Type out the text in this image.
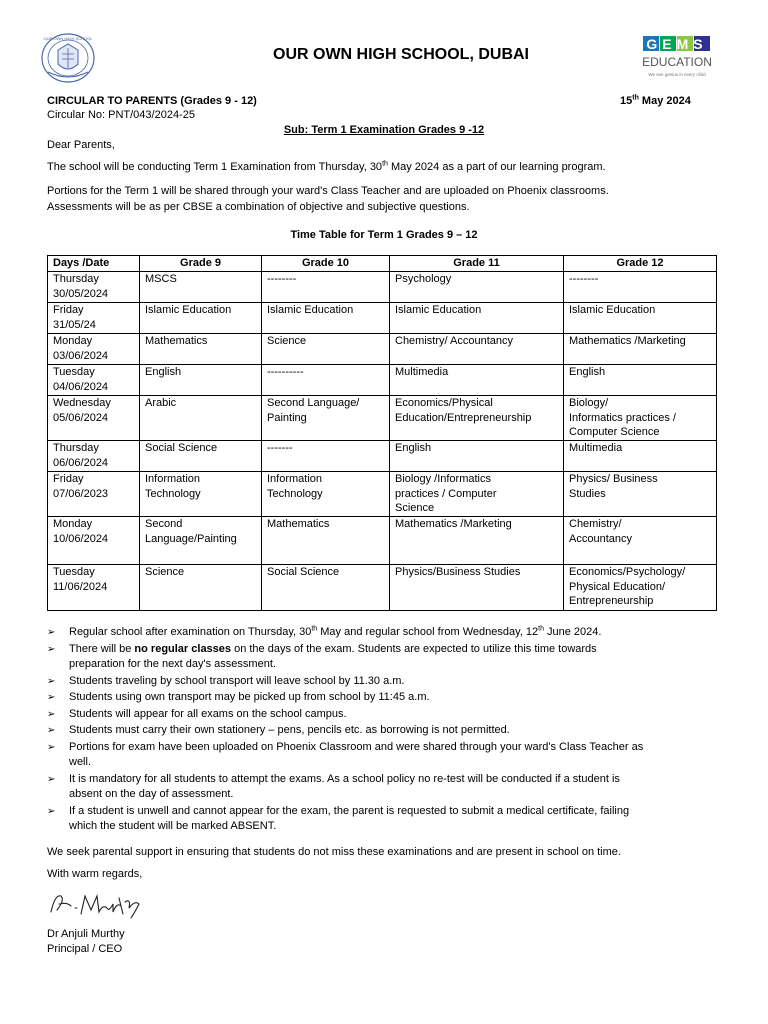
OUR OWN HIGH SCHOOL
OUR OWN HIGH SCHOOL, DUBAI
GEMS
EDUCATION
We see genius in every child
CIRCULAR TO PARENTS (Grades 9 - 12)	15th May 2024
Circular No: PNT/043/2024-25
Sub: Term 1 Examination Grades 9 -12
Dear Parents,
The school will be conducting Term 1 Examination from Thursday, 30th May 2024 as a part of our learning program.
Portions for the Term 1 will be shared through your ward's Class Teacher and are uploaded on Phoenix classrooms.
Assessments will be as per CBSE a combination of objective and subjective questions.
Time Table for Term 1 Grades 9 – 12
Days /Date	Grade 9	Grade 10	Grade 11	Grade 12
Thursday
30/05/2024	MSCS	--------	Psychology	--------
Friday
31/05/24	Islamic Education	Islamic Education	Islamic Education	Islamic Education
Monday
03/06/2024	Mathematics	Science	Chemistry/ Accountancy	Mathematics /Marketing
Tuesday
04/06/2024	English	----------	Multimedia	English
Wednesday
05/06/2024	Arabic	Second Language/
Painting	Economics/Physical
Education/Entrepreneurship	Biology/
Informatics practices /
Computer Science
Thursday
06/06/2024	Social Science	-------	English	Multimedia
Friday
07/06/2023	Information
Technology	Information
Technology	Biology /Informatics
practices / Computer
Science	Physics/ Business
Studies
Monday
10/06/2024	Second
Language/Painting	Mathematics	Mathematics /Marketing	Chemistry/
Accountancy
Tuesday
11/06/2024	Science	Social Science	Physics/Business Studies	Economics/Psychology/
Physical Education/
Entrepreneurship
➢ Regular school after examination on Thursday, 30th May and regular school from Wednesday, 12th June 2024.
➢ There will be no regular classes on the days of the exam. Students are expected to utilize this time towards
preparation for the next day's assessment.
➢ Students traveling by school transport will leave school by 11.30 a.m.
➢ Students using own transport may be picked up from school by 11:45 a.m.
➢ Students will appear for all exams on the school campus.
➢ Students must carry their own stationery – pens, pencils etc. as borrowing is not permitted.
➢ Portions for exam have been uploaded on Phoenix Classroom and were shared through your ward's Class Teacher as
well.
➢ It is mandatory for all students to attempt the exams. As a school policy no re-test will be conducted if a student is
absent on the day of assessment.
➢ If a student is unwell and cannot appear for the exam, the parent is requested to submit a medical certificate, failing
which the student will be marked ABSENT.
We seek parental support in ensuring that students do not miss these examinations and are present in school on time.
With warm regards,
A. Murthy
Dr Anjuli Murthy
Principal / CEO
